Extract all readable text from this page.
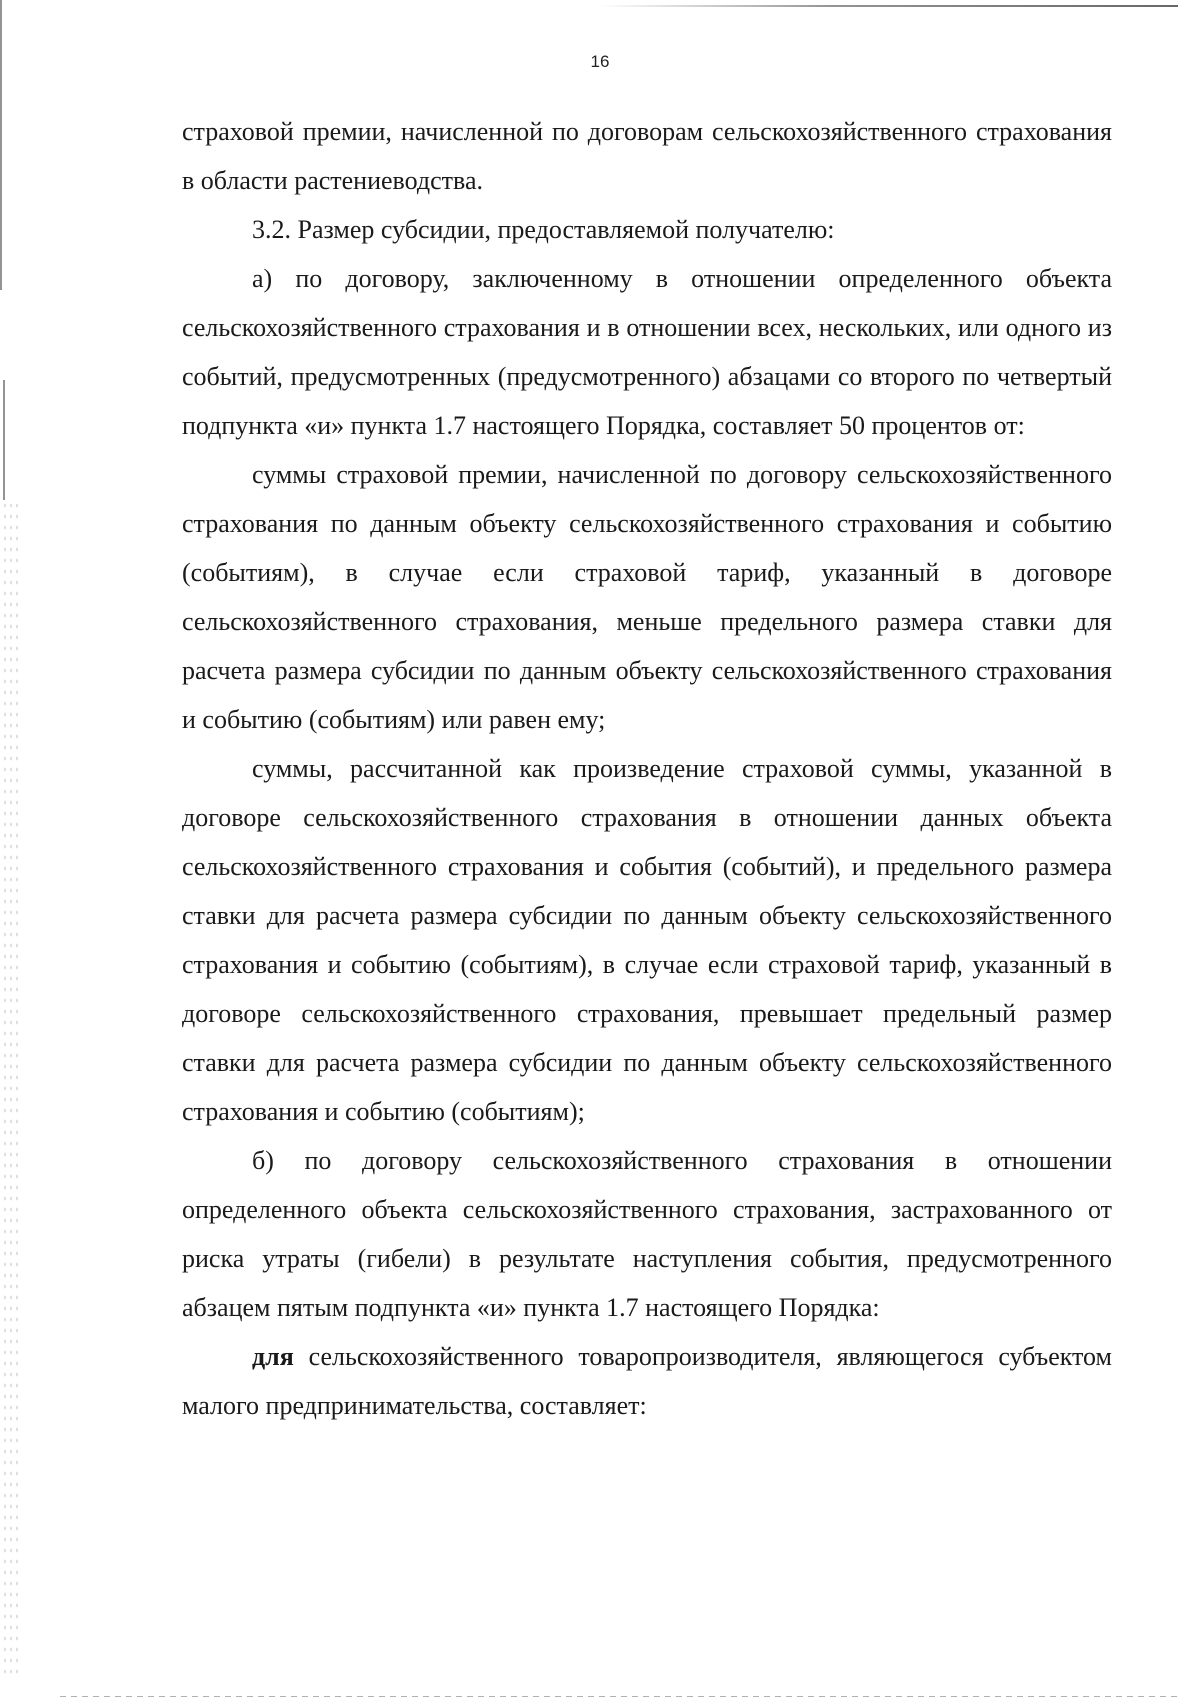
16

страховой премии, начисленной по договорам сельскохозяйственного страхования в области растениеводства.

3.2. Размер субсидии, предоставляемой получателю:

а) по договору, заключенному в отношении определенного объекта сельскохозяйственного страхования и в отношении всех, нескольких, или одного из событий, предусмотренных (предусмотренного) абзацами со второго по четвертый подпункта «и» пункта 1.7 настоящего Порядка, составляет 50 процентов от:

суммы страховой премии, начисленной по договору сельскохозяйственного страхования по данным объекту сельскохозяйственного страхования и событию (событиям), в случае если страховой тариф, указанный в договоре сельскохозяйственного страхования, меньше предельного размера ставки для расчета размера субсидии по данным объекту сельскохозяйственного страхования и событию (событиям) или равен ему;

суммы, рассчитанной как произведение страховой суммы, указанной в договоре сельскохозяйственного страхования в отношении данных объекта сельскохозяйственного страхования и события (событий), и предельного размера ставки для расчета размера субсидии по данным объекту сельскохозяйственного страхования и событию (событиям), в случае если страховой тариф, указанный в договоре сельскохозяйственного страхования, превышает предельный размер ставки для расчета размера субсидии по данным объекту сельскохозяйственного страхования и событию (событиям);

б) по договору сельскохозяйственного страхования в отношении определенного объекта сельскохозяйственного страхования, застрахованного от риска утраты (гибели) в результате наступления события, предусмотренного абзацем пятым подпункта «и» пункта 1.7 настоящего Порядка:

для сельскохозяйственного товаропроизводителя, являющегося субъектом малого предпринимательства, составляет:
